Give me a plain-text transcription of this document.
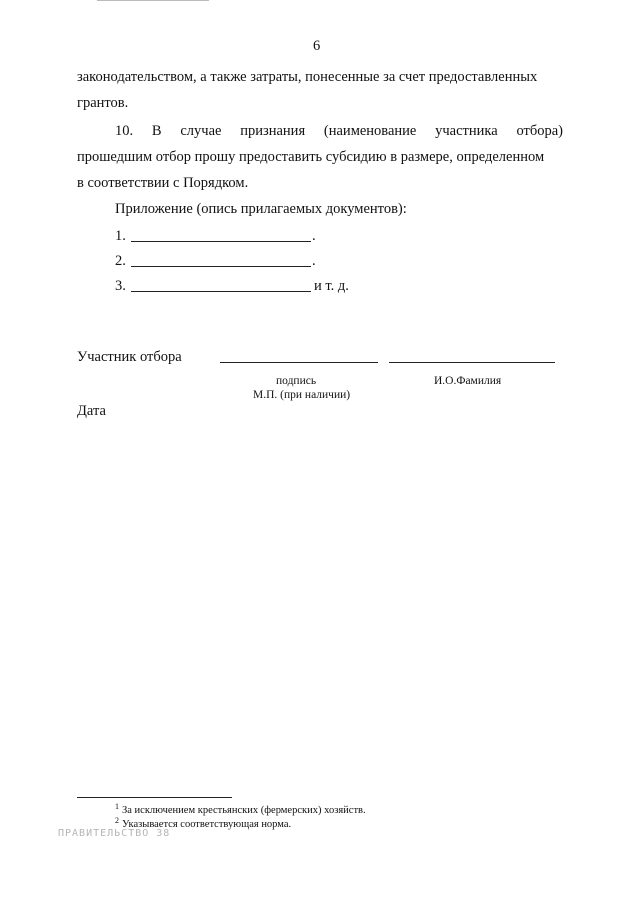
6
законодательством, а также затраты, понесенные за счет предоставленных
грантов.
10. В случае признания (наименование участника отбора)
прошедшим отбор прошу предоставить субсидию в размере, определенном
в соответствии с Порядком.
Приложение (опись прилагаемых документов):
1.	.
2.	.
3.	и т. д.
Участник отбора
подпись	И.О.Фамилия
М.П. (при наличии)
Дата
$^1$ За исключением крестьянских (фермерских) хозяйств.
$^2$ Указывается соответствующая норма.
ПРАВИТЕЛЬСТВО 38
